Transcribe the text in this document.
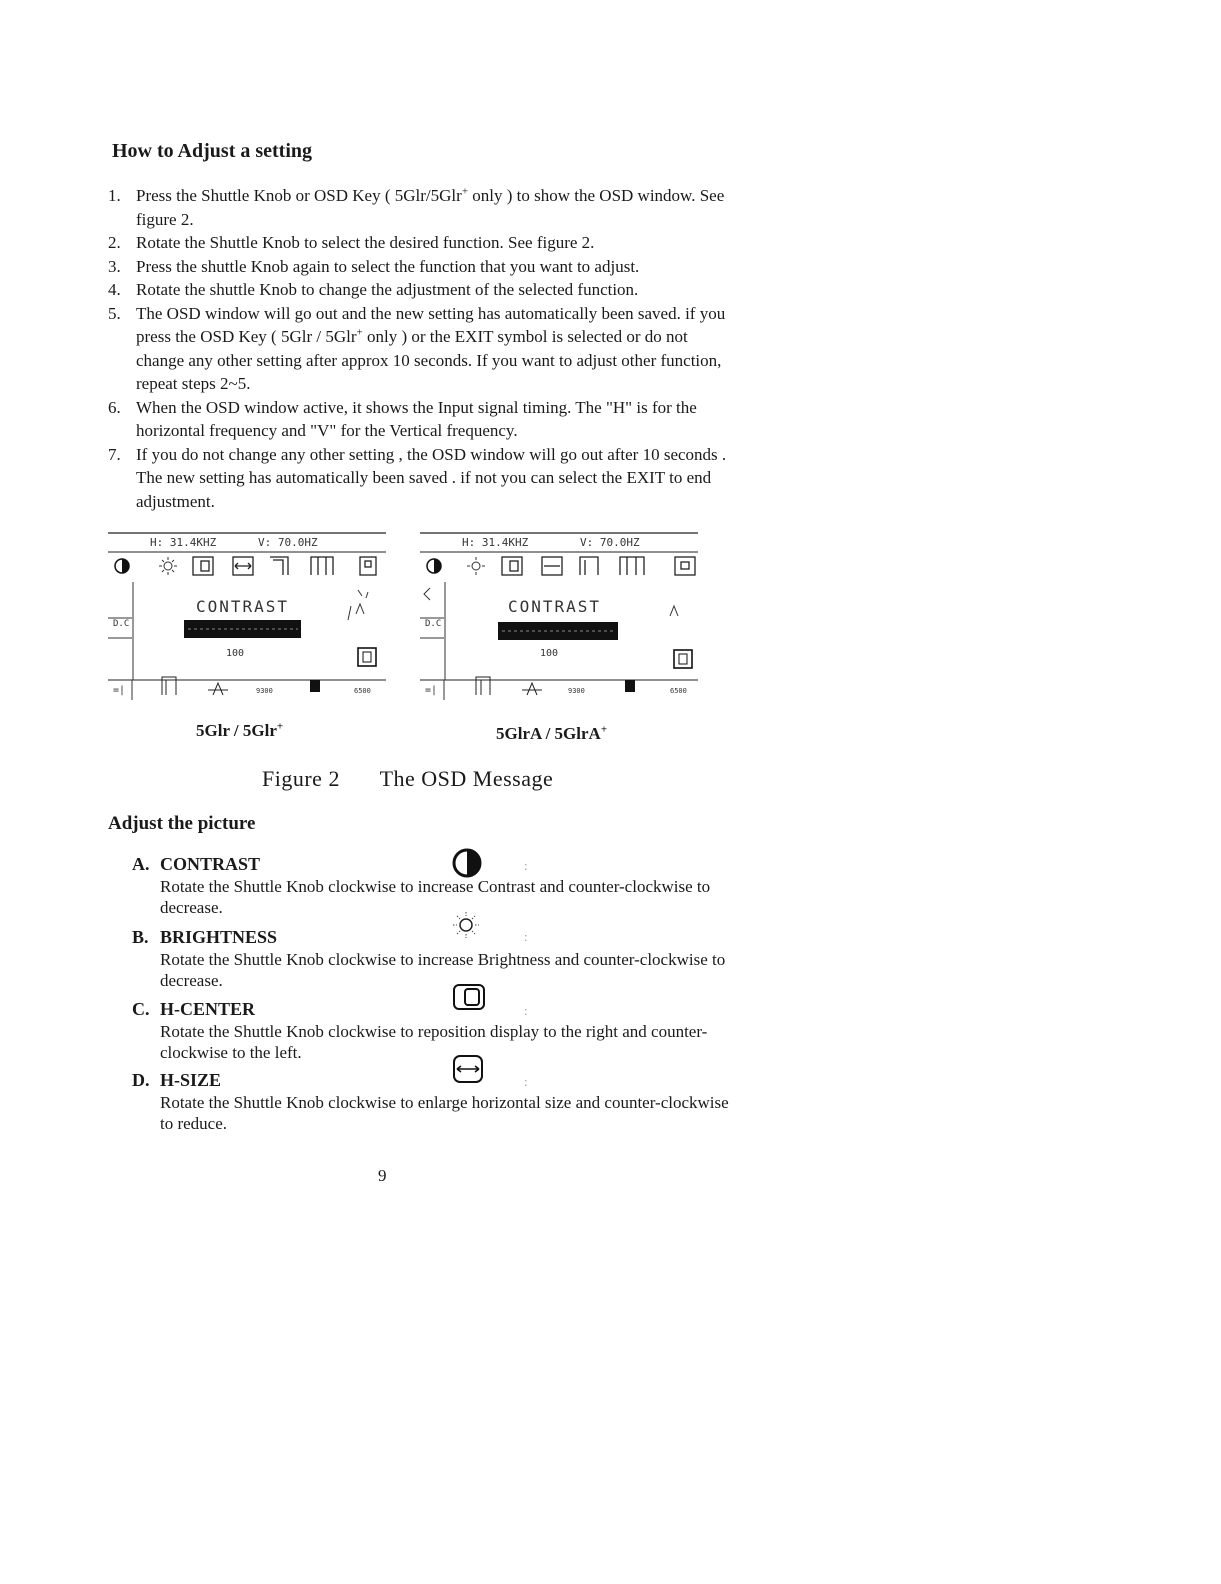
How to Adjust a setting
1. Press the Shuttle Knob or OSD Key ( 5Glr/5Glr+ only ) to show the OSD window. See figure 2.
2. Rotate the Shuttle Knob to select the desired function. See figure 2.
3. Press the shuttle Knob again to select the function that you want to adjust.
4. Rotate the shuttle Knob to change the adjustment of the selected function.
5. The OSD window will go out and the new setting has automatically been saved. if you press the OSD Key ( 5Glr / 5Glr+ only ) or the EXIT symbol is selected or do not change any other setting after approx 10 seconds. If you want to adjust other function, repeat steps 2~5.
6. When the OSD window active, it shows the Input signal timing. The "H" is for the horizontal frequency and "V" for the Vertical frequency.
7. If you do not change any other setting , the OSD window will go out after 10 seconds . The new setting has automatically been saved . if not you can select the EXIT to end adjustment.
H: 31.4KHZ	V: 70.0HZ
D.C
CONTRAST
100
=|	9300	6500
5Glr / 5Glr+
H: 31.4KHZ	V: 70.0HZ
D.C
CONTRAST
100
=|	9300	6500
5GlrA / 5GlrA+
Figure 2 The OSD Message
Adjust the picture
A. CONTRAST
Rotate the Shuttle Knob clockwise to increase Contrast and counter-clockwise to decrease.
:
B. BRIGHTNESS
Rotate the Shuttle Knob clockwise to increase Brightness and counter-clockwise to decrease.
:
C. H-CENTER
Rotate the Shuttle Knob clockwise to reposition display to the right and counter-clockwise to the left.
:
D. H-SIZE
Rotate the Shuttle Knob clockwise to enlarge horizontal size and counter-clockwise to reduce.
:
9
